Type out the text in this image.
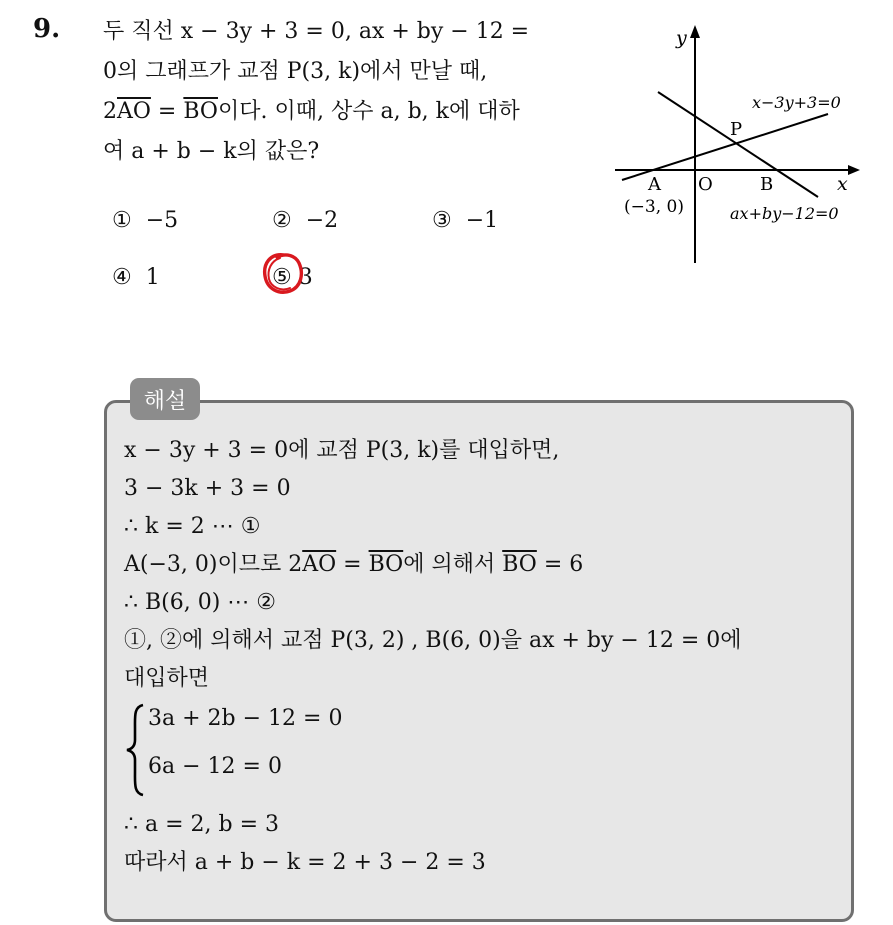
9. 두 직선 x − 3y + 3 = 0, ax + by − 12 =
0의 그래프가 교점 P(3, k)에서 만날 때,
$2\overline{AO} = \overline{BO}$이다. 이때, 상수 a, b, k에 대하
여 a + b − k의 값은?
① −5	② −2	③ −1
④ 1	⑤ 3
y
x
O
A
(−3, 0)
B
P
x−3y+3=0
ax+by−12=0
해설
x − 3y + 3 = 0에 교점 P(3, k)를 대입하면,
3 − 3k + 3 = 0
∴ k = 2 ⋯ ①
A(−3, 0)이므로 $2\overline{AO} = \overline{BO}$에 의해서 $\overline{BO} = 6$
∴ B(6, 0) ⋯ ②
①, ②에 의해서 교점 P(3, 2) , B(6, 0)을 ax + by − 12 = 0에
대입하면
3a + 2b − 12 = 0
6a − 12 = 0
∴ a = 2, b = 3
따라서 a + b − k = 2 + 3 − 2 = 3
